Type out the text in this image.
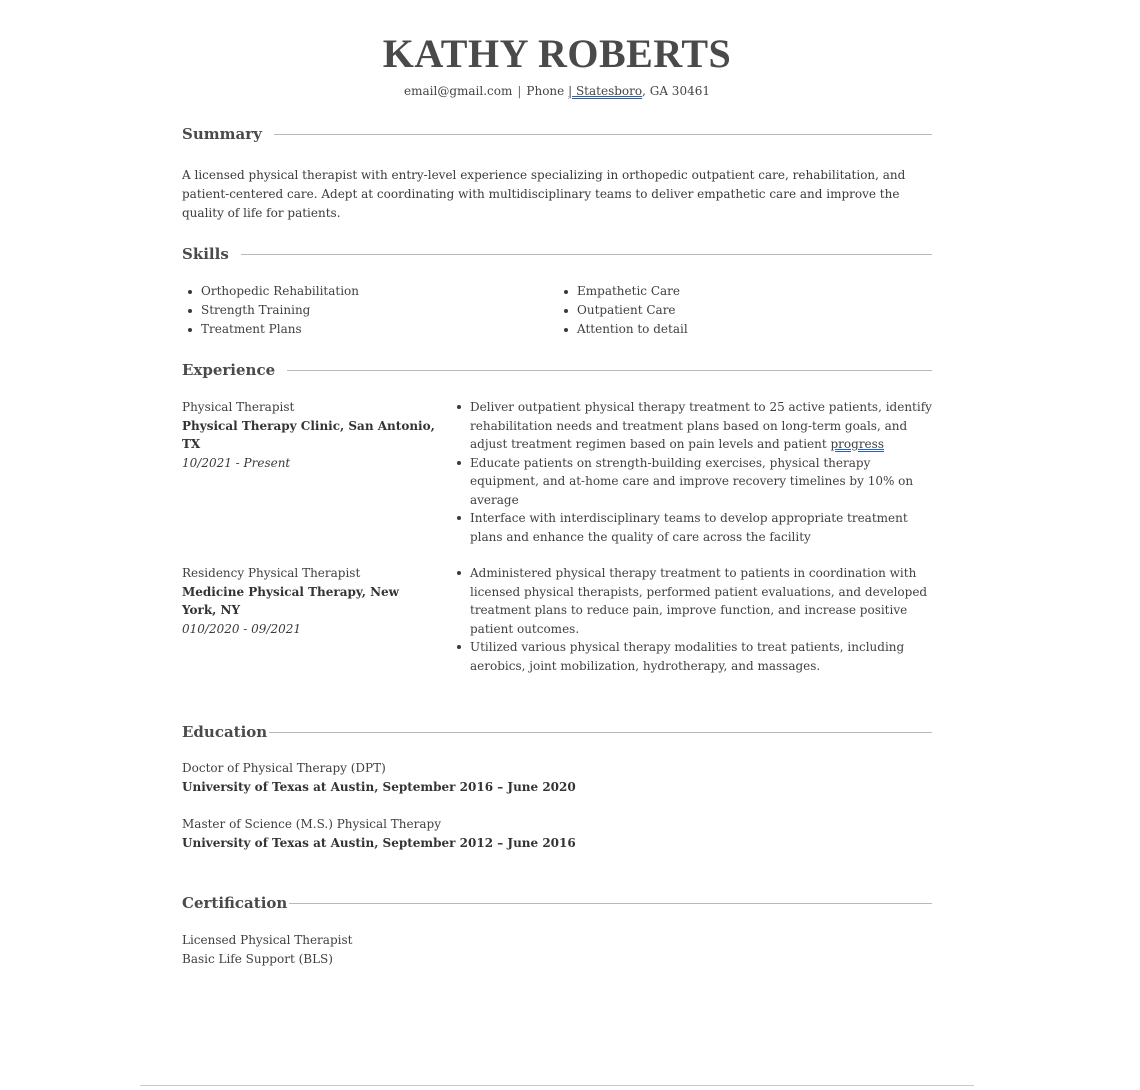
KATHY ROBERTS
email@gmail.com | Phone | Statesboro, GA 30461
Summary
A licensed physical therapist with entry-level experience specializing in orthopedic outpatient care, rehabilitation, and patient-centered care. Adept at coordinating with multidisciplinary teams to deliver empathetic care and improve the quality of life for patients.
Skills
Orthopedic Rehabilitation
Strength Training
Treatment Plans
Empathetic Care
Outpatient Care
Attention to detail
Experience
Physical Therapist
Physical Therapy Clinic, San Antonio, TX
10/2021 - Present
Deliver outpatient physical therapy treatment to 25 active patients, identify rehabilitation needs and treatment plans based on long-term goals, and adjust treatment regimen based on pain levels and patient progress
Educate patients on strength-building exercises, physical therapy equipment, and at-home care and improve recovery timelines by 10% on average
Interface with interdisciplinary teams to develop appropriate treatment plans and enhance the quality of care across the facility
Residency Physical Therapist
Medicine Physical Therapy, New York, NY
010/2020 - 09/2021
Administered physical therapy treatment to patients in coordination with licensed physical therapists, performed patient evaluations, and developed treatment plans to reduce pain, improve function, and increase positive patient outcomes.
Utilized various physical therapy modalities to treat patients, including aerobics, joint mobilization, hydrotherapy, and massages.
Education
Doctor of Physical Therapy (DPT)
University of Texas at Austin, September 2016 – June 2020
Master of Science (M.S.) Physical Therapy
University of Texas at Austin, September 2012 – June 2016
Certification
Licensed Physical Therapist
Basic Life Support (BLS)
